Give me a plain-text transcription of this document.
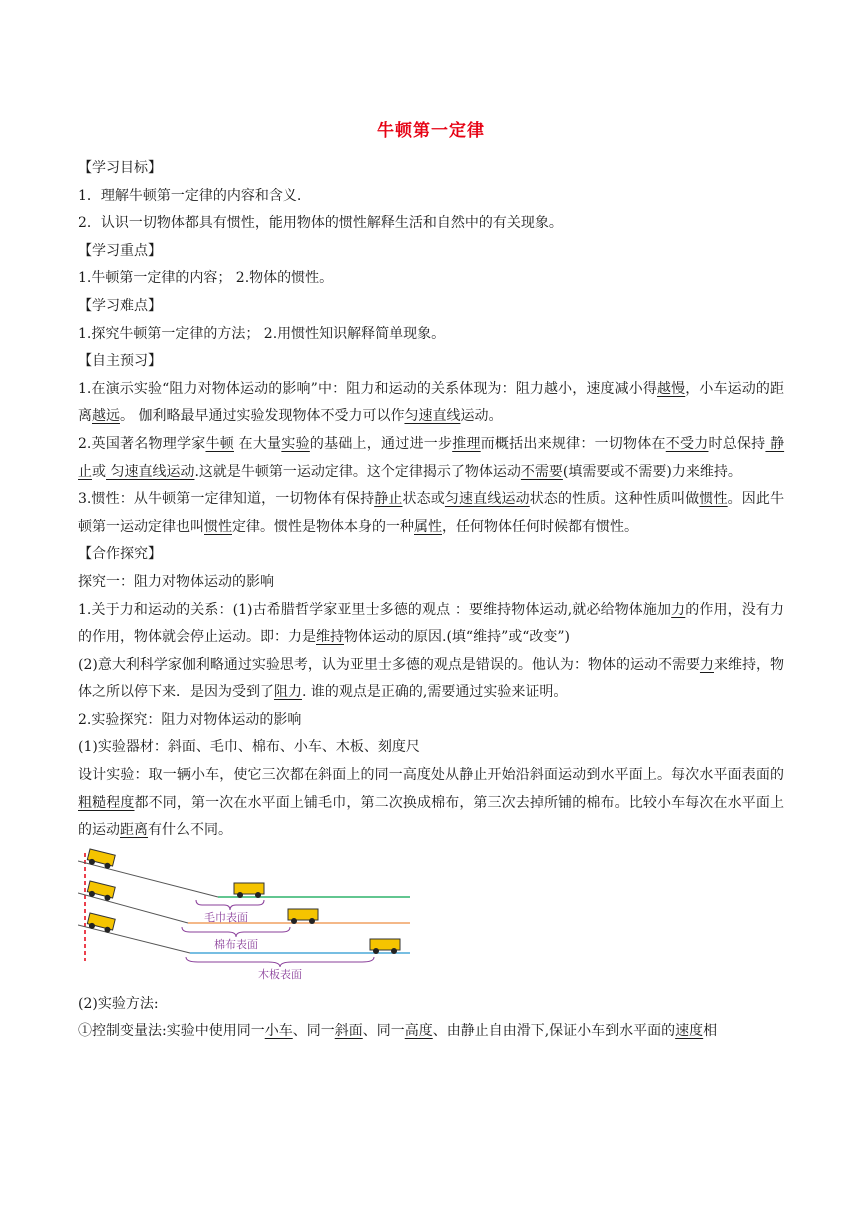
牛顿第一定律

【学习目标】

1．理解牛顿第一定律的内容和含义.

2．认识一切物体都具有惯性，能用物体的惯性解释生活和自然中的有关现象。

【学习重点】

1.牛顿第一定律的内容； 2.物体的惯性。

【学习难点】

1.探究牛顿第一定律的方法； 2.用惯性知识解释简单现象。

【自主预习】

1.在演示实验“阻力对物体运动的影响”中：阻力和运动的关系体现为：阻力越小，速度减小得越慢，小车运动的距离越远。 伽利略最早通过实验发现物体不受力可以作匀速直线运动。

2.英国著名物理学家牛顿 在大量实验的基础上，通过进一步推理而概括出来规律：一切物体在不受力时总保持 静止或 匀速直线运动.这就是牛顿第一运动定律。这个定律揭示了物体运动不需要(填需要或不需要)力来维持。

3.惯性：从牛顿第一定律知道，一切物体有保持静止状态或匀速直线运动状态的性质。这种性质叫做惯性。因此牛顿第一运动定律也叫惯性定律。惯性是物体本身的一种属性，任何物体任何时候都有惯性。

【合作探究】

探究一：阻力对物体运动的影响

1.关于力和运动的关系：(1)古希腊哲学家亚里士多德的观点 ：要维持物体运动,就必给物体施加力的作用，没有力的作用，物体就会停止运动。即：力是维持物体运动的原因.(填“维持”或“改变”)

(2)意大利科学家伽利略通过实验思考，认为亚里士多德的观点是错误的。他认为：物体的运动不需要力来维持，物体之所以停下来．是因为受到了阻力. 谁的观点是正确的,需要通过实验来证明。

2.实验探究：阻力对物体运动的影响

(1)实验器材：斜面、毛巾、棉布、小车、木板、刻度尺

设计实验：取一辆小车，使它三次都在斜面上的同一高度处从静止开始沿斜面运动到水平面上。每次水平面表面的粗糙程度都不同，第一次在水平面上铺毛巾，第二次换成棉布，第三次去掉所铺的棉布。比较小车每次在水平面上的运动距离有什么不同。

毛巾表面
棉布表面
木板表面

(2)实验方法:

①控制变量法:实验中使用同一小车、同一斜面、同一高度、由静止自由滑下,保证小车到水平面的速度相
